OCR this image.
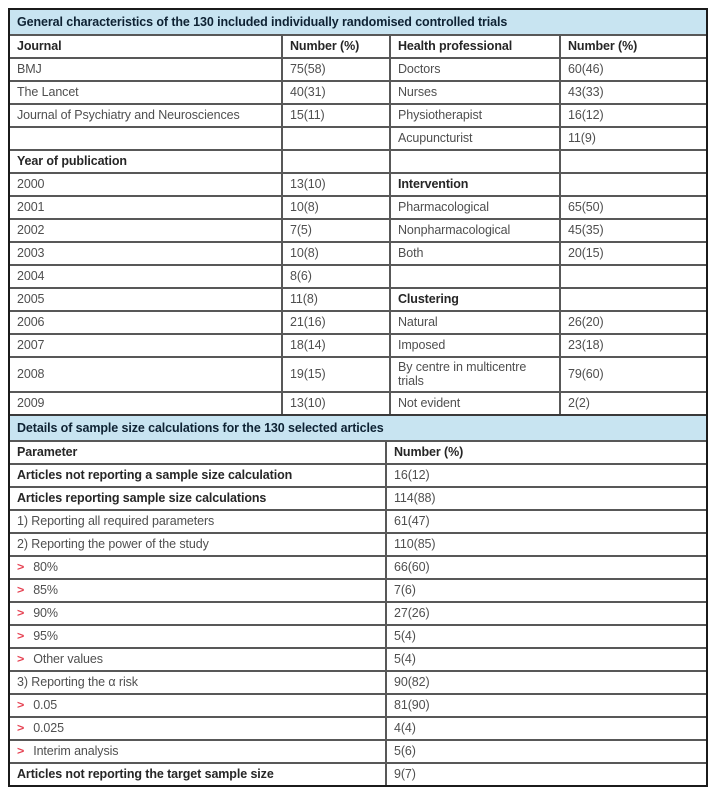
General characteristics of the 130 included individually randomised controlled trials			
Journal	Number (%)	Health professional	Number (%)
BMJ	75(58)	Doctors	60(46)
The Lancet	40(31)	Nurses	43(33)
Journal of Psychiatry and Neurosciences	15(11)	Physiotherapist	16(12)
		Acupuncturist	11(9)
Year of publication			
2000	13(10)	Intervention	
2001	10(8)	Pharmacological	65(50)
2002	7(5)	Nonpharmacological	45(35)
2003	10(8)	Both	20(15)
2004	8(6)		
2005	11(8)	Clustering	
2006	21(16)	Natural	26(20)
2007	18(14)	Imposed	23(18)
2008	19(15)	By centre in multicentre trials	79(60)
2009	13(10)	Not evident	2(2)
Details of sample size calculations for the 130 selected articles	
Parameter	Number (%)
Articles not reporting a sample size calculation	16(12)
Articles reporting sample size calculations	114(88)
1) Reporting all required parameters	61(47)
2) Reporting the power of the study	110(85)
> 80%	66(60)
> 85%	7(6)
> 90%	27(26)
> 95%	5(4)
> Other values	5(4)
3) Reporting the α risk	90(82)
> 0.05	81(90)
> 0.025	4(4)
> Interim analysis	5(6)
Articles not reporting the target sample size	9(7)
